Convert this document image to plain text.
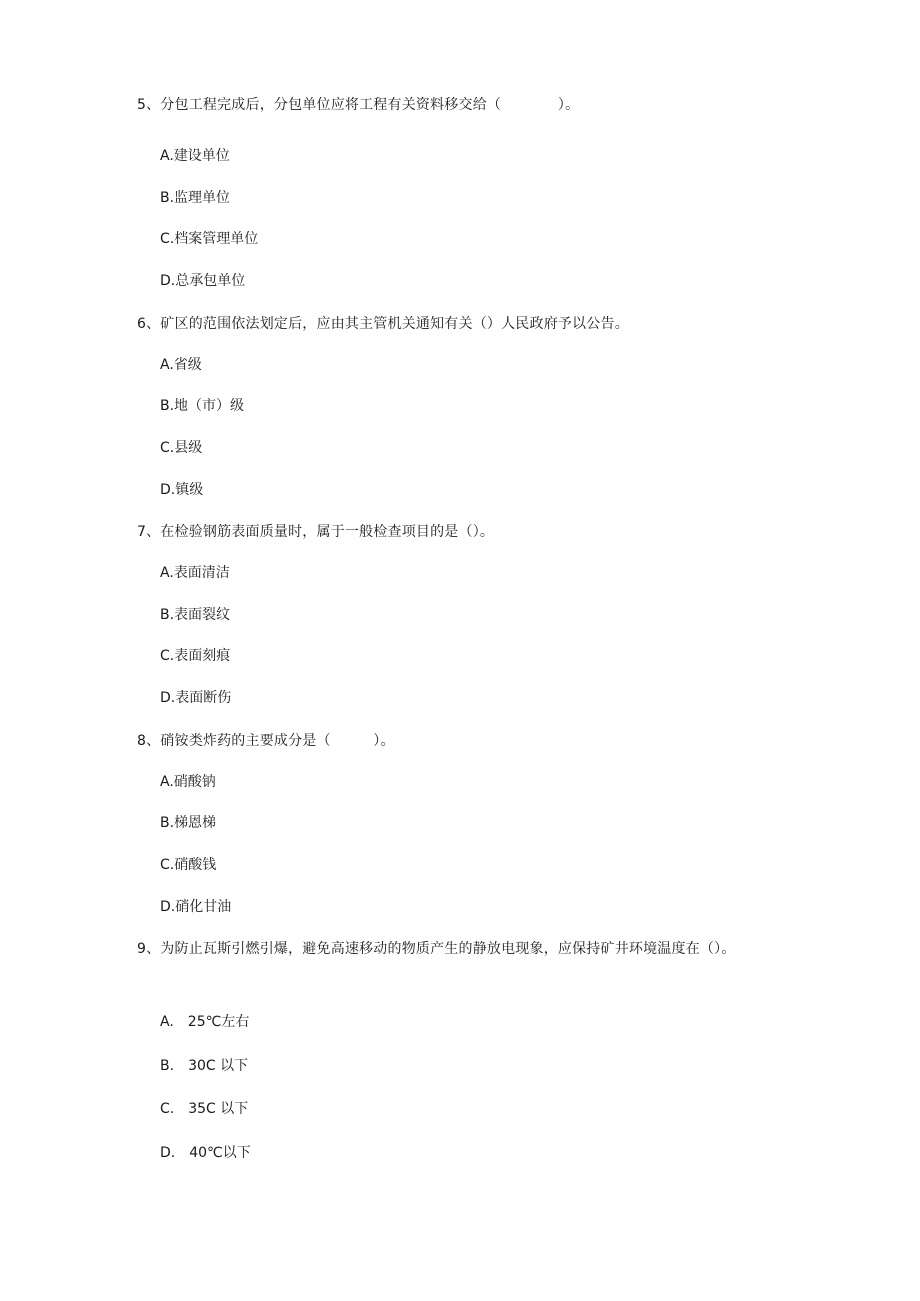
5、分包工程完成后，分包单位应将工程有关资料移交给（　　　　）。
A.建设单位
B.监理单位
C.档案管理单位
D.总承包单位
6、矿区的范围依法划定后，应由其主管机关通知有关（）人民政府予以公告。
A.省级
B.地（市）级
C.县级
D.镇级
7、在检验钢筋表面质量时，属于一般检查项目的是（）。
A.表面清洁
B.表面裂纹
C.表面刻痕
D.表面断伤
8、硝铵类炸药的主要成分是（　　　）。
A.硝酸钠
B.梯恩梯
C.硝酸钱
D.硝化甘油
9、为防止瓦斯引燃引爆，避免高速移动的物质产生的静放电现象，应保持矿井环境温度在（）。
A. 25℃左右
B. 30C 以下
C. 35C 以下
D. 40℃以下
